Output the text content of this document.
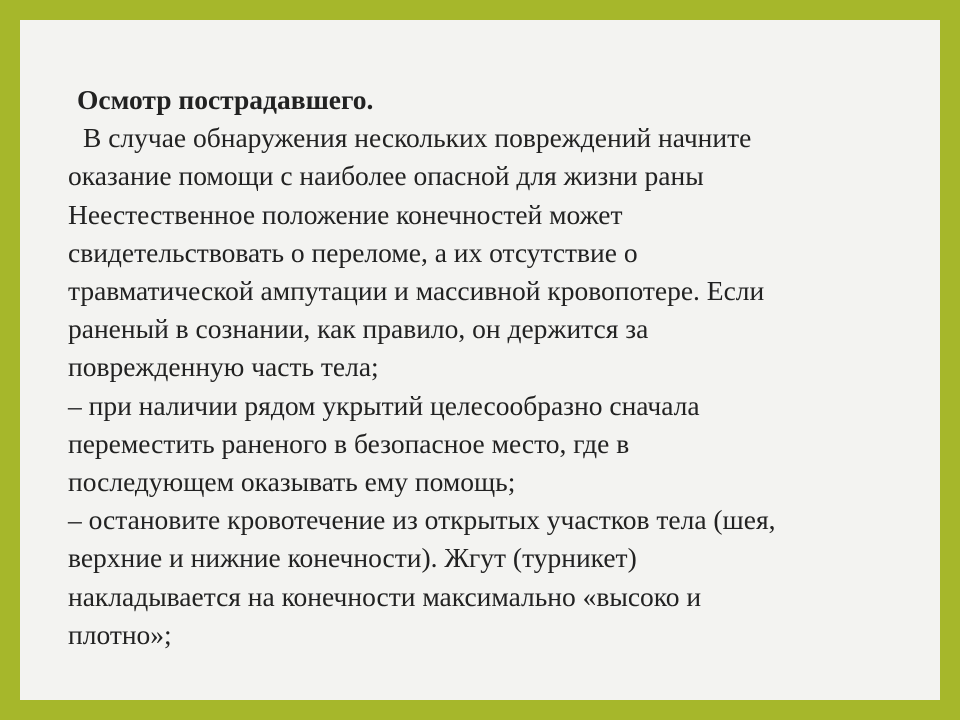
Осмотр пострадавшего.
В случае обнаружения нескольких повреждений начните
оказание помощи с наиболее опасной для жизни раны
Неестественное положение конечностей может
свидетельствовать о переломе, а их отсутствие о
травматической ампутации и массивной кровопотере. Если
раненый в сознании, как правило, он держится за
поврежденную часть тела;
– при наличии рядом укрытий целесообразно сначала
переместить раненого в безопасное место, где в
последующем оказывать ему помощь;
– остановите кровотечение из открытых участков тела (шея,
верхние и нижние конечности). Жгут (турникет)
накладывается на конечности максимально «высоко и
плотно»;
